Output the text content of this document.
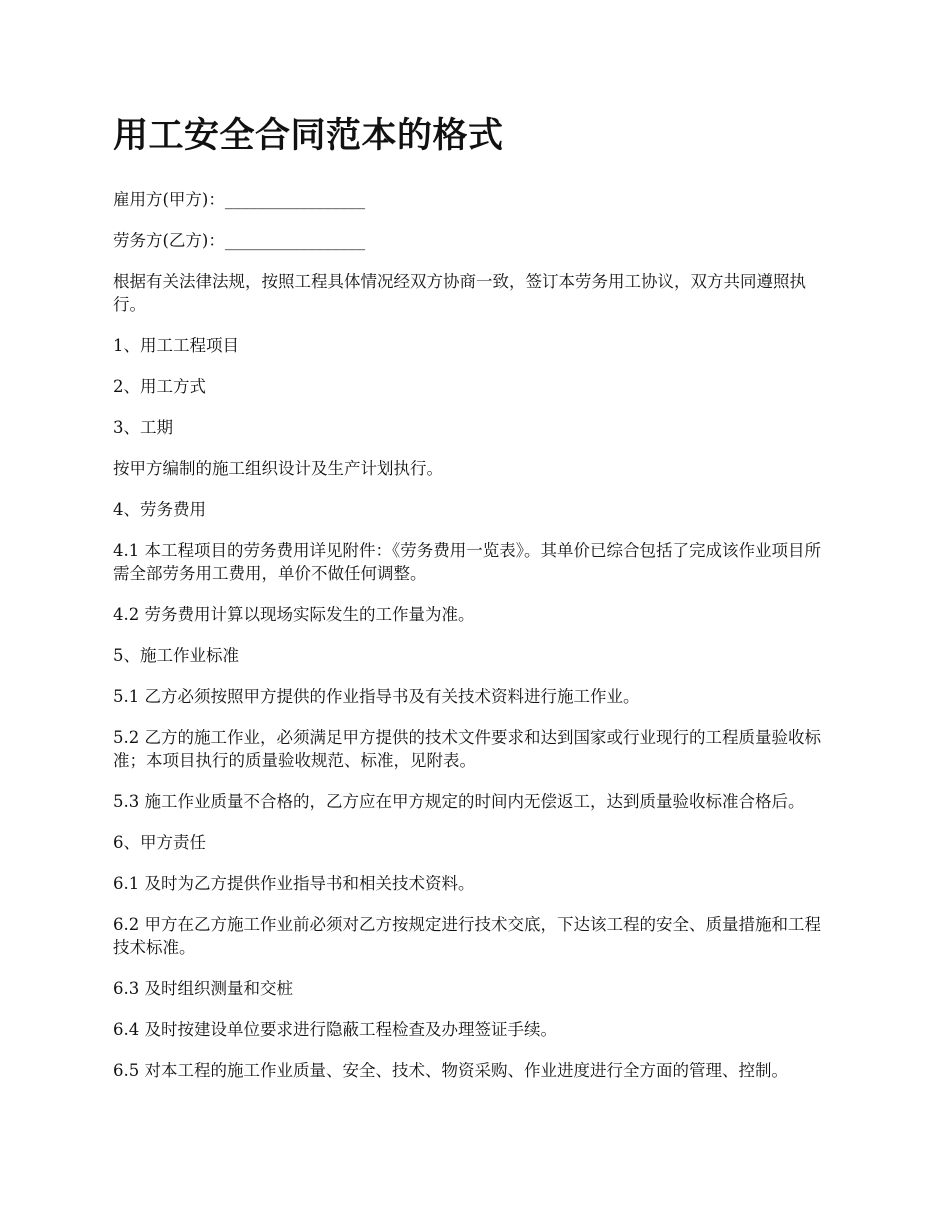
用工安全合同范本的格式

雇用方(甲方)：_________________

劳务方(乙方)：_________________

根据有关法律法规，按照工程具体情况经双方协商一致，签订本劳务用工协议，双方共同遵照执行。

1、用工工程项目

2、用工方式

3、工期

按甲方编制的施工组织设计及生产计划执行。

4、劳务费用

4.1 本工程项目的劳务费用详见附件：《劳务费用一览表》。其单价已综合包括了完成该作业项目所需全部劳务用工费用，单价不做任何调整。

4.2 劳务费用计算以现场实际发生的工作量为准。

5、施工作业标准

5.1 乙方必须按照甲方提供的作业指导书及有关技术资料进行施工作业。

5.2 乙方的施工作业，必须满足甲方提供的技术文件要求和达到国家或行业现行的工程质量验收标准；本项目执行的质量验收规范、标准，见附表。

5.3 施工作业质量不合格的，乙方应在甲方规定的时间内无偿返工，达到质量验收标准合格后。

6、甲方责任

6.1 及时为乙方提供作业指导书和相关技术资料。

6.2 甲方在乙方施工作业前必须对乙方按规定进行技术交底，下达该工程的安全、质量措施和工程技术标准。

6.3 及时组织测量和交桩

6.4 及时按建设单位要求进行隐蔽工程检查及办理签证手续。

6.5 对本工程的施工作业质量、安全、技术、物资采购、作业进度进行全方面的管理、控制。
